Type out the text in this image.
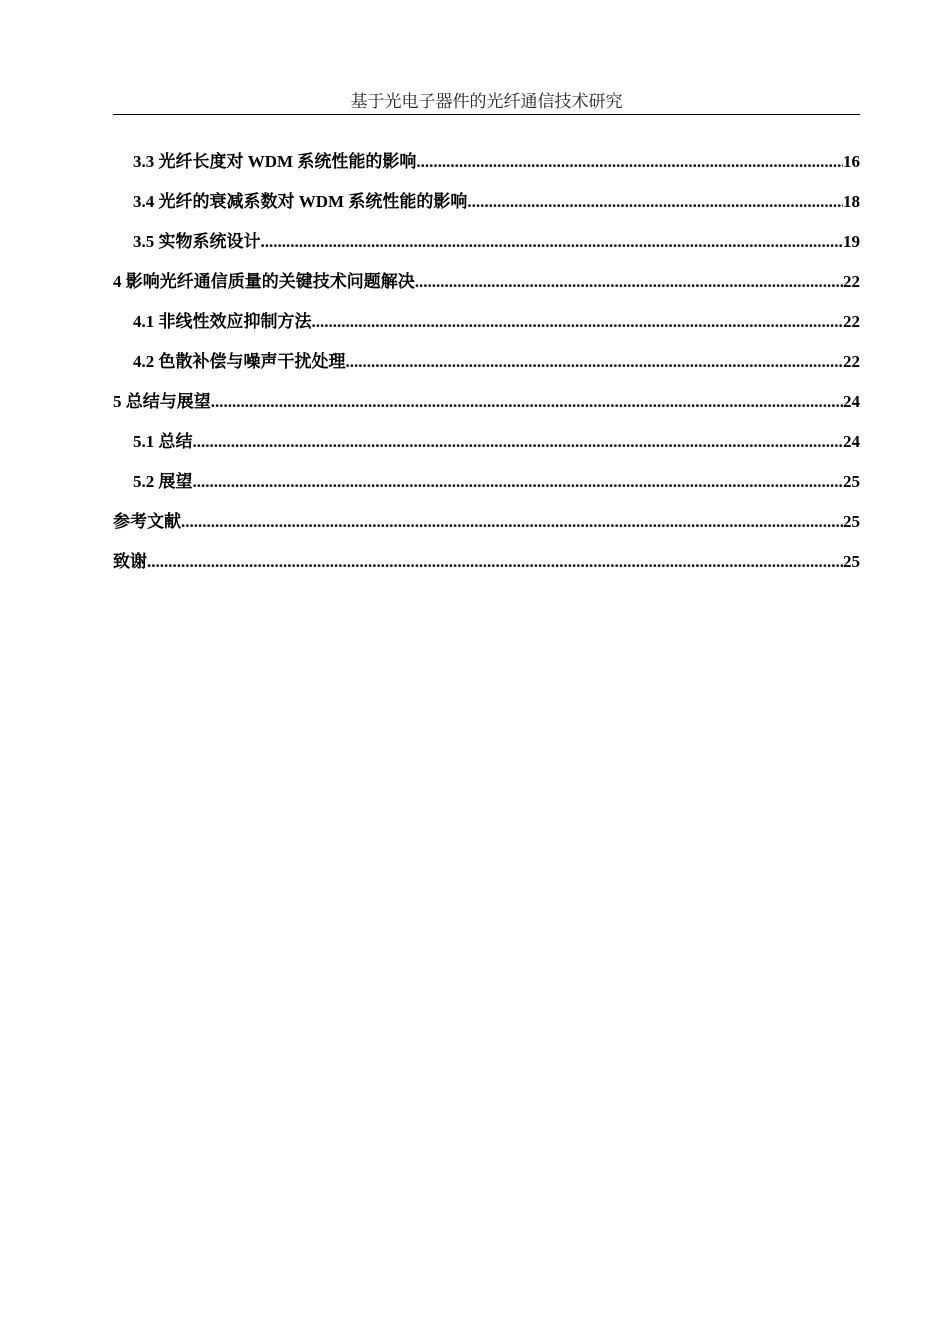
基于光电子器件的光纤通信技术研究
3.3 光纤长度对 WDM 系统性能的影响 .....	16
3.4 光纤的衰减系数对 WDM 系统性能的影响 .....	18
3.5 实物系统设计 .....	19
4 影响光纤通信质量的关键技术问题解决 .....	22
4.1 非线性效应抑制方法 .....	22
4.2 色散补偿与噪声干扰处理 .....	22
5 总结与展望 .....	24
5.1 总结 .....	24
5.2 展望 .....	25
参考文献 .....	25
致谢 .....	25
